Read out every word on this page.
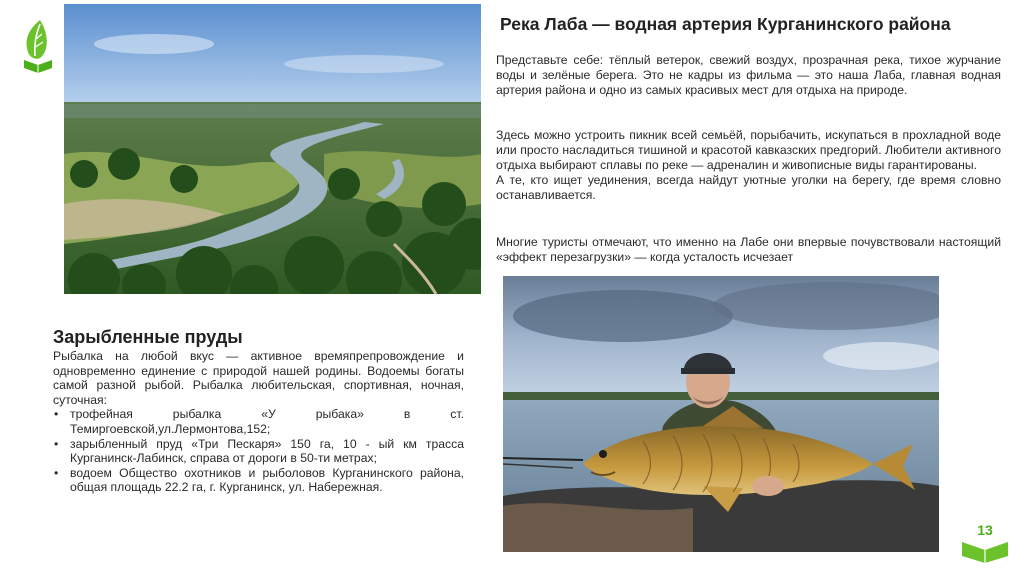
Река Лаба — водная артерия Курганинского района

Представьте себе: тёплый ветерок, свежий воздух, прозрачная река, тихое журчание воды и зелёные берега. Это не кадры из фильма — это наша Лаба, главная водная артерия района и одно из самых красивых мест для отдыха на природе.

Здесь можно устроить пикник всей семьёй, порыбачить, искупаться в прохладной воде или просто насладиться тишиной и красотой кавказских предгорий. Любители активного отдыха выбирают сплавы по реке — адреналин и живописные виды гарантированы.
А те, кто ищет уединения, всегда найдут уютные уголки на берегу, где время словно останавливается.

Многие туристы отмечают, что именно на Лабе они впервые почувствовали настоящий «эффект перезагрузки» — когда усталость исчезает

Зарыбленные пруды

Рыбалка на любой вкус — активное времяпрепровождение и одновременно единение с природой нашей родины. Водоемы богаты самой разной рыбой. Рыбалка любительская, спортивная, ночная, суточная:

• трофейная рыбалка «У рыбака» в ст. Темиргоевской,ул.Лермонтова,152;
• зарыбленный пруд «Три Пескаря» 150 га, 10 - ый км трасса Курганинск-Лабинск, справа от дороги в 50-ти метрах;
• водоем Общество охотников и рыболовов Курганинского района, общая площадь 22.2 га, г. Курганинск, ул. Набережная.
13
